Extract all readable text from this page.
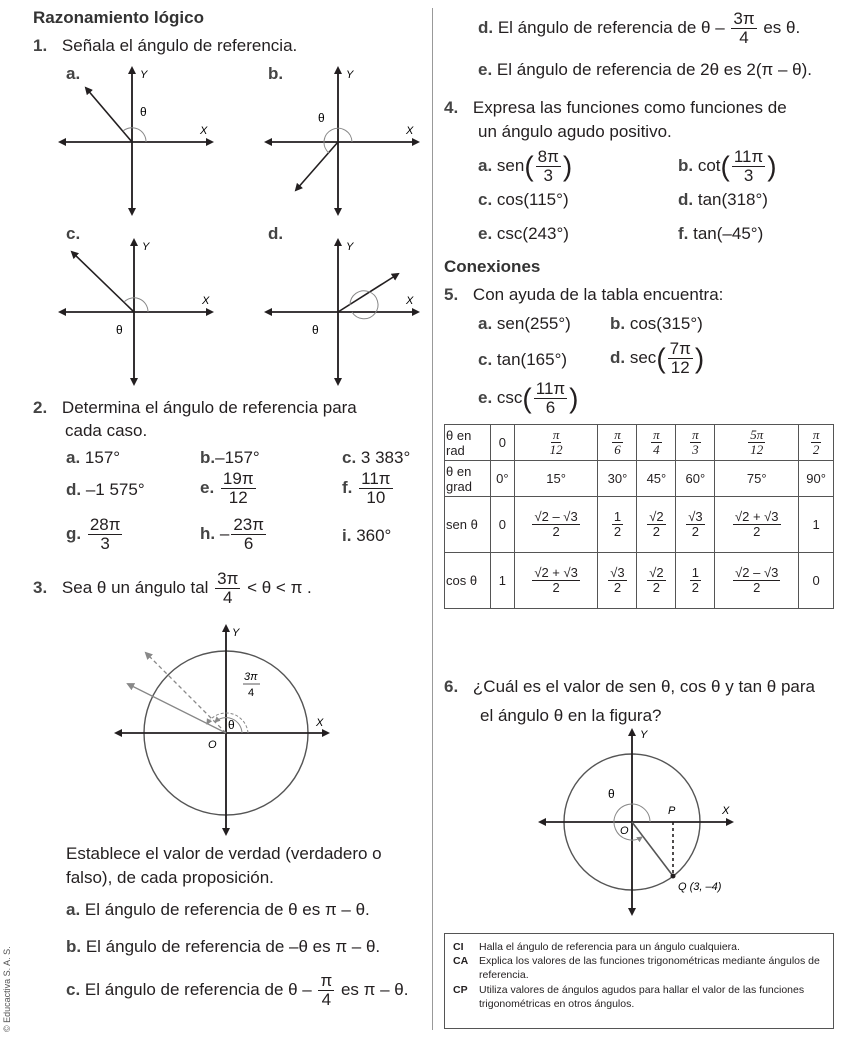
Razonamiento lógico
1. Señala el ángulo de referencia.
a.	b.
c.	d.
θ
X
Y
θ
X
Y
θ
X
Y
θ
X
Y
2. Determina el ángulo de referencia para
cada caso.
a. 157°	b.–157°	c. 3 383°
d. –1 575°	e. $\frac{19\pi}{12}$	f. $\frac{11\pi}{10}$
g. $\frac{28\pi}{3}$	h. – $\frac{23\pi}{6}$	i. 360°
3. Sea θ un ángulo tal $\frac{3\pi}{4} < \theta < \pi$ .
θ
3π
4
X
Y
O
Establece el valor de verdad (verdadero o
falso), de cada proposición.
a. El ángulo de referencia de θ es π – θ.
b. El ángulo de referencia de –θ es π – θ.
c. El ángulo de referencia de θ – $\frac{\pi}{4}$ es π – θ.
© Educactiva S. A. S.
d. El ángulo de referencia de θ – $\frac{3\pi}{4}$ es θ.
e. El ángulo de referencia de 2θ es 2(π – θ).
4. Expresa las funciones como funciones de
un ángulo agudo positivo.
a. $sen( \frac{8\pi}{3}$ )	b. $\cot( \frac{11\pi}{3}$ )
c. cos(115°)	d. tan(318°)
e. csc(243°)	f. tan(–45°)
Conexiones
5. Con ayuda de la tabla encuentra:
a. sen(255°) b. cos(315°)
c. tan(165°)	d. $\sec( \frac{7\pi}{12}$ )
e. $\csc( \frac{11\pi}{6}$ )
θ en rad	0	$\frac{\pi}{12}$	$\frac{\pi}{6}$	$\frac{\pi}{4}$	$\frac{\pi}{3}$	$\frac{5\pi}{12}$	$\frac{\pi}{2}$

θ en grad	0°	15°	30°	45°	60°	75°	90°
sen θ	0	$\frac{√2 - √3}{2}$	$\frac{1}{2}$	$\frac{√2}{2}$	$\frac{√3}{2}$	$\frac{√2 + √3}{2}$	1
cos θ	1	$\frac{√2 + √3}{2}$	$\frac{√3}{2}$	$\frac{√2}{2}$	$\frac{1}{2}$	$\frac{√2 - √3}{2}$	0
6. ¿Cuál es el valor de sen θ, cos θ y tan θ para
el ángulo θ en la figura?
θ
P
Q (3, –4)
X
Y
O
CI	Halla el ángulo de referencia para un ángulo cualquiera.
CA	Explica los valores de las funciones trigonométricas mediante ángulos de referencia.
CP	Utiliza valores de ángulos agudos para hallar el valor de las funciones trigonométricas en otros ángulos.
